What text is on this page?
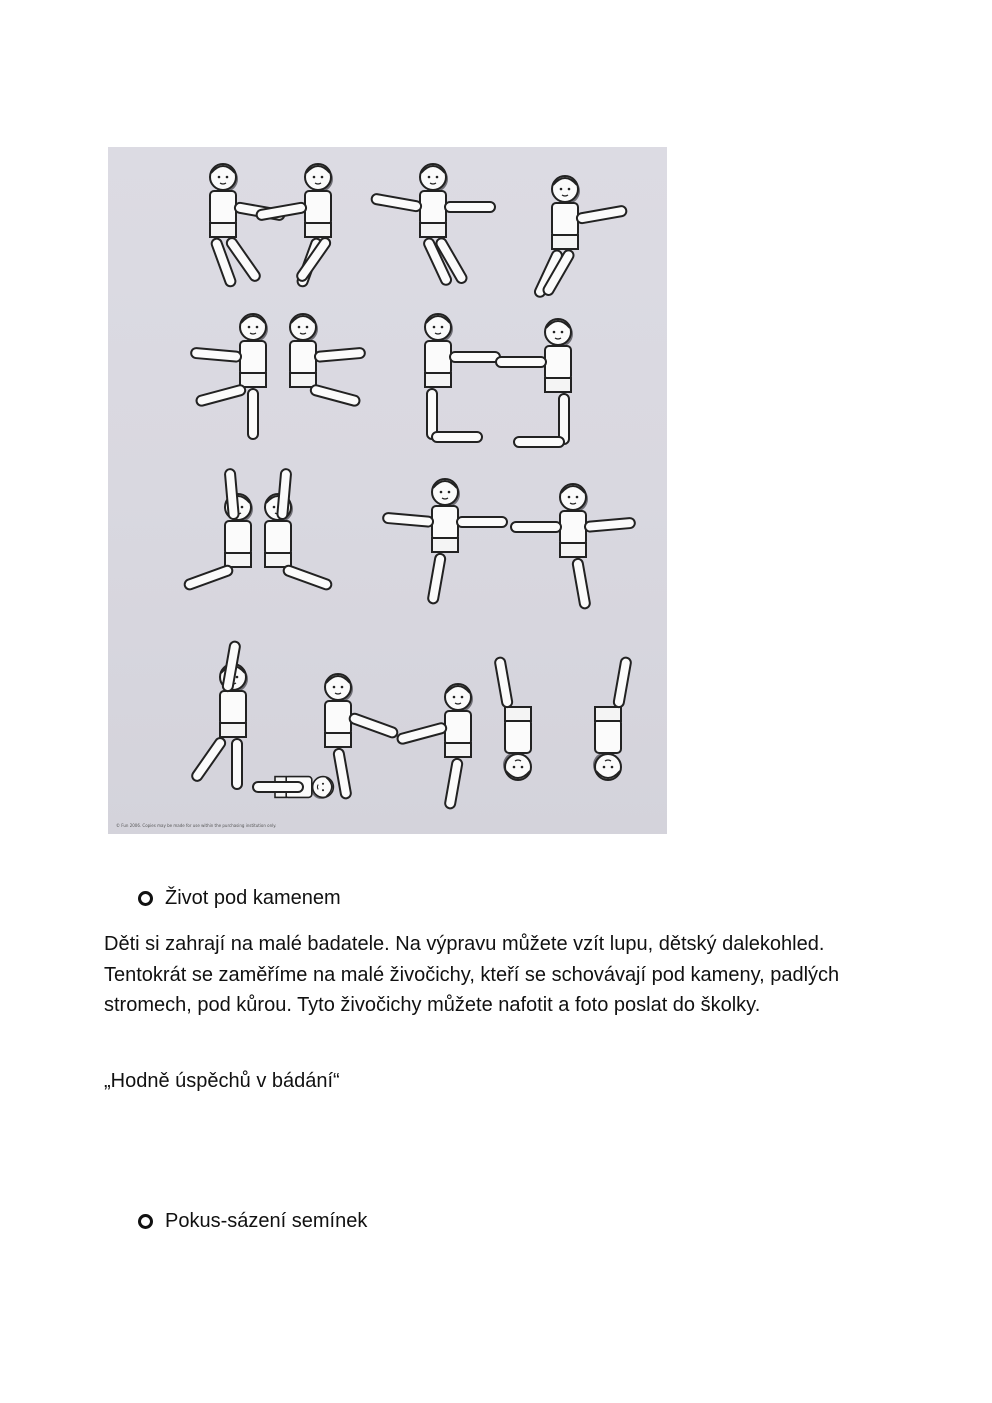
© Fun 2006. Copies may be made for use within the purchasing institution only.
Život pod kamenem

Děti si zahrají na malé badatele. Na výpravu můžete vzít lupu, dětský dalekohled. Tentokrát se zaměříme na malé živočichy, kteří se schovávají pod kameny, padlých stromech, pod kůrou. Tyto živočichy můžete nafotit a foto poslat do školky.

„Hodně úspěchů v bádání“

Pokus-sázení semínek
